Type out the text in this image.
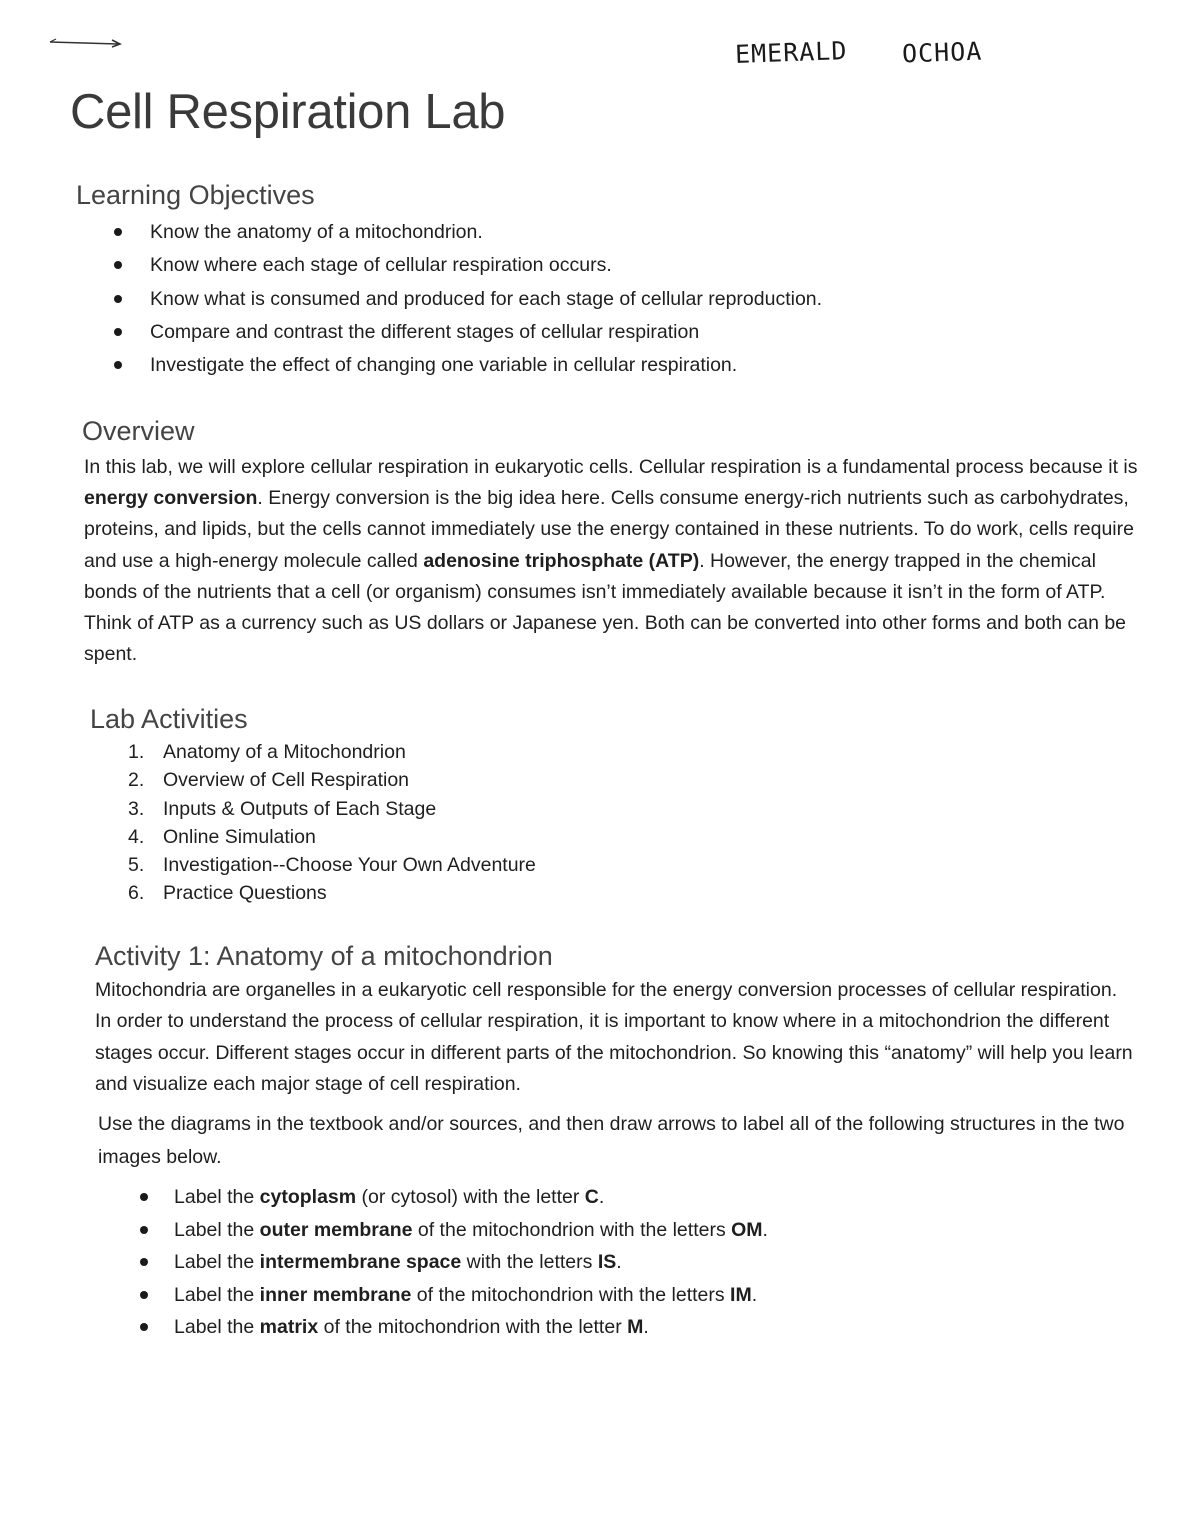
EMERALD OCHOA
Cell Respiration Lab
Learning Objectives
Know the anatomy of a mitochondrion.
Know where each stage of cellular respiration occurs.
Know what is consumed and produced for each stage of cellular reproduction.
Compare and contrast the different stages of cellular respiration
Investigate the effect of changing one variable in cellular respiration.
Overview

In this lab, we will explore cellular respiration in eukaryotic cells. Cellular respiration is a fundamental process because it is energy conversion. Energy conversion is the big idea here. Cells consume energy-rich nutrients such as carbohydrates, proteins, and lipids, but the cells cannot immediately use the energy contained in these nutrients. To do work, cells require and use a high-energy molecule called adenosine triphosphate (ATP). However, the energy trapped in the chemical bonds of the nutrients that a cell (or organism) consumes isn’t immediately available because it isn’t in the form of ATP. Think of ATP as a currency such as US dollars or Japanese yen. Both can be converted into other forms and both can be spent.

Lab Activities
1. Anatomy of a Mitochondrion
2. Overview of Cell Respiration
3. Inputs & Outputs of Each Stage
4. Online Simulation
5. Investigation--Choose Your Own Adventure
6. Practice Questions
Activity 1: Anatomy of a mitochondrion

Mitochondria are organelles in a eukaryotic cell responsible for the energy conversion processes of cellular respiration. In order to understand the process of cellular respiration, it is important to know where in a mitochondrion the different stages occur. Different stages occur in different parts of the mitochondrion. So knowing this “anatomy” will help you learn and visualize each major stage of cell respiration.

Use the diagrams in the textbook and/or sources, and then draw arrows to label all of the following structures in the two images below.

Label the cytoplasm (or cytosol) with the letter C.
Label the outer membrane of the mitochondrion with the letters OM.
Label the intermembrane space with the letters IS.
Label the inner membrane of the mitochondrion with the letters IM.
Label the matrix of the mitochondrion with the letter M.
